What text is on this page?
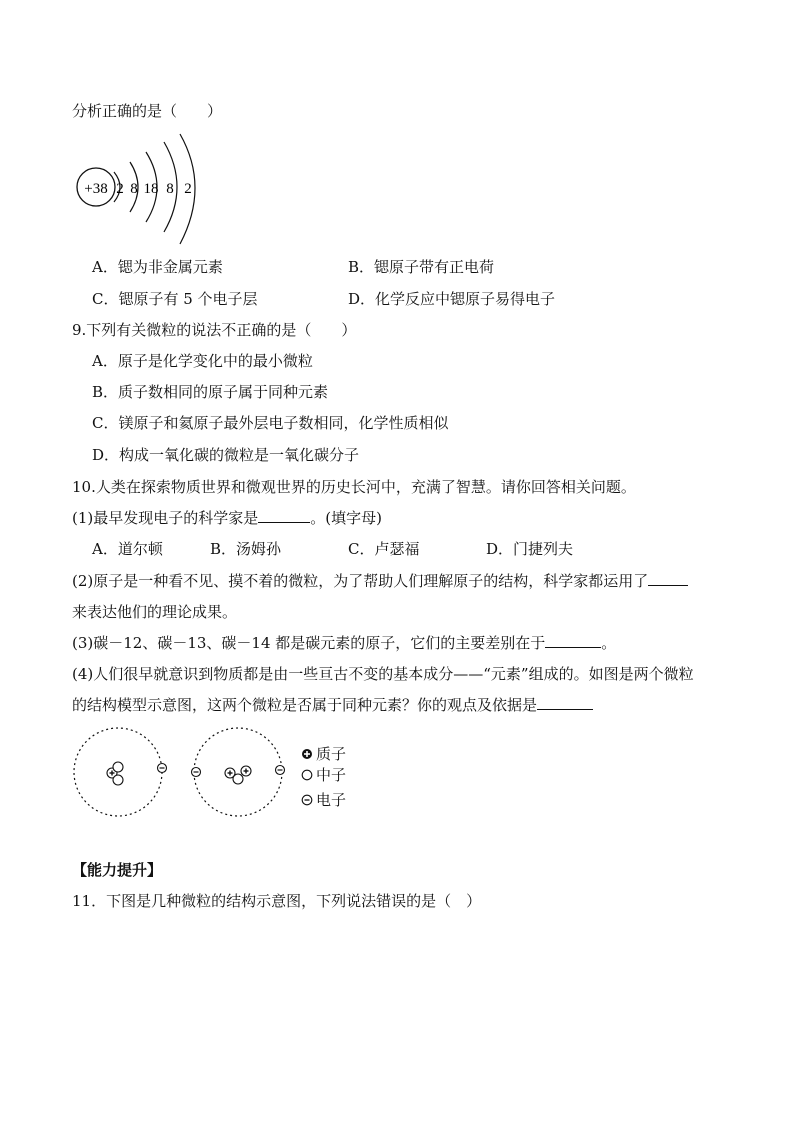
分析正确的是（　　）
+38 2 8 18 8 2
A．锶为非金属元素	B．锶原子带有正电荷
C．锶原子有 5 个电子层	D．化学反应中锶原子易得电子
9.下列有关微粒的说法不正确的是（　　）
A．原子是化学变化中的最小微粒
B．质子数相同的原子属于同种元素
C．镁原子和氦原子最外层电子数相同，化学性质相似
D．构成一氧化碳的微粒是一氧化碳分子
10.人类在探索物质世界和微观世界的历史长河中，充满了智慧。请你回答相关问题。
(1)最早发现电子的科学家是	。(填字母)
A．道尔顿	B．汤姆孙	C．卢瑟福	D．门捷列夫
(2)原子是一种看不见、摸不着的微粒，为了帮助人们理解原子的结构，科学家都运用了
来表达他们的理论成果。
(3)碳－12、碳－13、碳－14 都是碳元素的原子，它们的主要差别在于	。
(4)人们很早就意识到物质都是由一些亘古不变的基本成分——“元素”组成的。如图是两个微粒
的结构模型示意图，这两个微粒是否属于同种元素？你的观点及依据是
质子
中子
电子
【能力提升】
11．下图是几种微粒的结构示意图，下列说法错误的是（　）
